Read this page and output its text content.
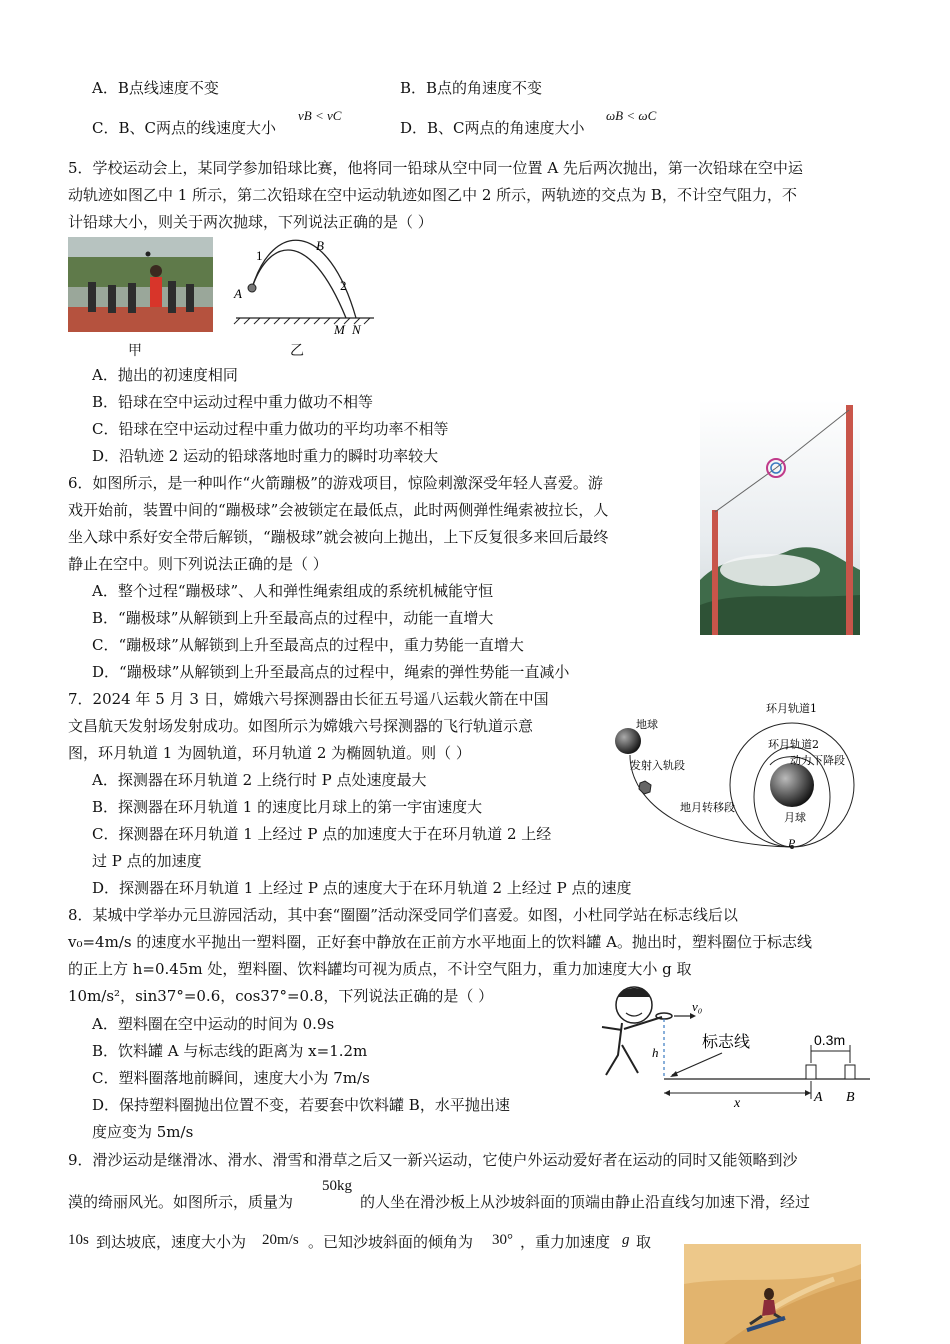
A．B点线速度不变	B．B点的角速度不变
C．B、C两点的线速度大小
vB < vC
D．B、C两点的角速度大小
ωB < ωC
5．学校运动会上，某同学参加铅球比赛，他将同一铅球从空中同一位置 A 先后两次抛出，第一次铅球在空中运
动轨迹如图乙中 1 所示，第二次铅球在空中运动轨迹如图乙中 2 所示，两轨迹的交点为 B，不计空气阻力，不
计铅球大小，则关于两次抛球，下列说法正确的是（ ）
甲
1
2
B
A
M N
乙
A．抛出的初速度相同
B．铅球在空中运动过程中重力做功不相等
C．铅球在空中运动过程中重力做功的平均功率不相等
D．沿轨迹 2 运动的铅球落地时重力的瞬时功率较大
6．如图所示，是一种叫作“火箭蹦极”的游戏项目，惊险刺激深受年轻人喜爱。游
戏开始前，装置中间的“蹦极球”会被锁定在最低点，此时两侧弹性绳索被拉长，人
坐入球中系好安全带后解锁，“蹦极球”就会被向上抛出，上下反复很多来回后最终
静止在空中。则下列说法正确的是（ ）
A．整个过程“蹦极球”、人和弹性绳索组成的系统机械能守恒
B．“蹦极球”从解锁到上升至最高点的过程中，动能一直增大
C．“蹦极球”从解锁到上升至最高点的过程中，重力势能一直增大
D．“蹦极球”从解锁到上升至最高点的过程中，绳索的弹性势能一直减小
7．2024 年 5 月 3 日，嫦娥六号探测器由长征五号遥八运载火箭在中国
文昌航天发射场发射成功。如图所示为嫦娥六号探测器的飞行轨道示意
图，环月轨道 1 为圆轨道，环月轨道 2 为椭圆轨道。则（ ）
A．探测器在环月轨道 2 上绕行时 P 点处速度最大
B．探测器在环月轨道 1 的速度比月球上的第一宇宙速度大
C．探测器在环月轨道 1 上经过 P 点的加速度大于在环月轨道 2 上经
过 P 点的加速度
D．探测器在环月轨道 1 上经过 P 点的速度大于在环月轨道 2 上经过 P 点的速度
地球
发射入轨段
地月转移段
环月轨道1
环月轨道2
动力下降段
月球
P
8．某城中学举办元旦游园活动，其中套“圈圈”活动深受同学们喜爱。如图，小杜同学站在标志线后以
v₀=4m/s 的速度水平抛出一塑料圈，正好套中静放在正前方水平地面上的饮料罐 A。抛出时，塑料圈位于标志线
的正上方 h=0.45m 处，塑料圈、饮料罐均可视为质点，不计空气阻力，重力加速度大小 g 取
10m/s²，sin37°=0.6，cos37°=0.8，下列说法正确的是（ ）
A．塑料圈在空中运动的时间为 0.9s
B．饮料罐 A 与标志线的距离为 x=1.2m
C．塑料圈落地前瞬间，速度大小为 7m/s
D．保持塑料圈抛出位置不变，若要套中饮料罐 B，水平抛出速
度应变为 5m/s
v₀
h
标志线	0.3m
x	A B
9．滑沙运动是继滑冰、滑水、滑雪和滑草之后又一新兴运动，它使户外运动爱好者在运动的同时又能领略到沙
漠的绮丽风光。如图所示，质量为
50kg
的人坐在滑沙板上从沙坡斜面的顶端由静止沿直线匀加速下滑，经过
10s 到达坡底，速度大小为 20m/s 。已知沙坡斜面的倾角为 30° ，重力加速度 g 取
